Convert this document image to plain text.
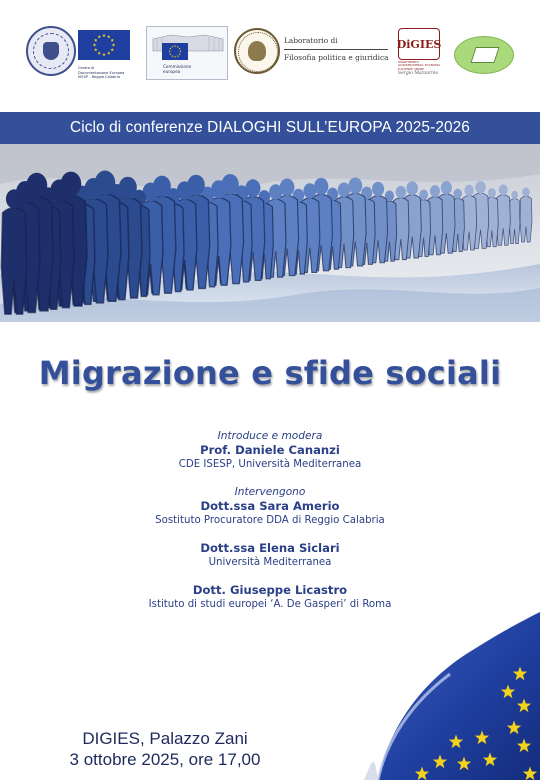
Centro di
Documentazione Europea
ISESP - Reggio Calabria
Commissione
europea
Laboratorio di
Filosofia politica e giuridica
DiGIES
DIPARTIMENTO
GIURISPRUDENZA, ECONOMIA
E SCIENZE UMANE
Sergio Mazzarino
Ciclo di conferenze DIALOGHI SULL’EUROPA 2025-2026
Migrazione e sfide sociali
Introduce e modera
Prof. Daniele Cananzi
CDE ISESP, Università Mediterranea
Intervengono
Dott.ssa Sara Amerio
Sostituto Procuratore DDA di Reggio Calabria
Dott.ssa Elena Siclari
Università Mediterranea
Dott. Giuseppe Licastro
Istituto di studi europei ‘A. De Gasperi’ di Roma
DIGIES, Palazzo Zani
3 ottobre 2025, ore 17,00
